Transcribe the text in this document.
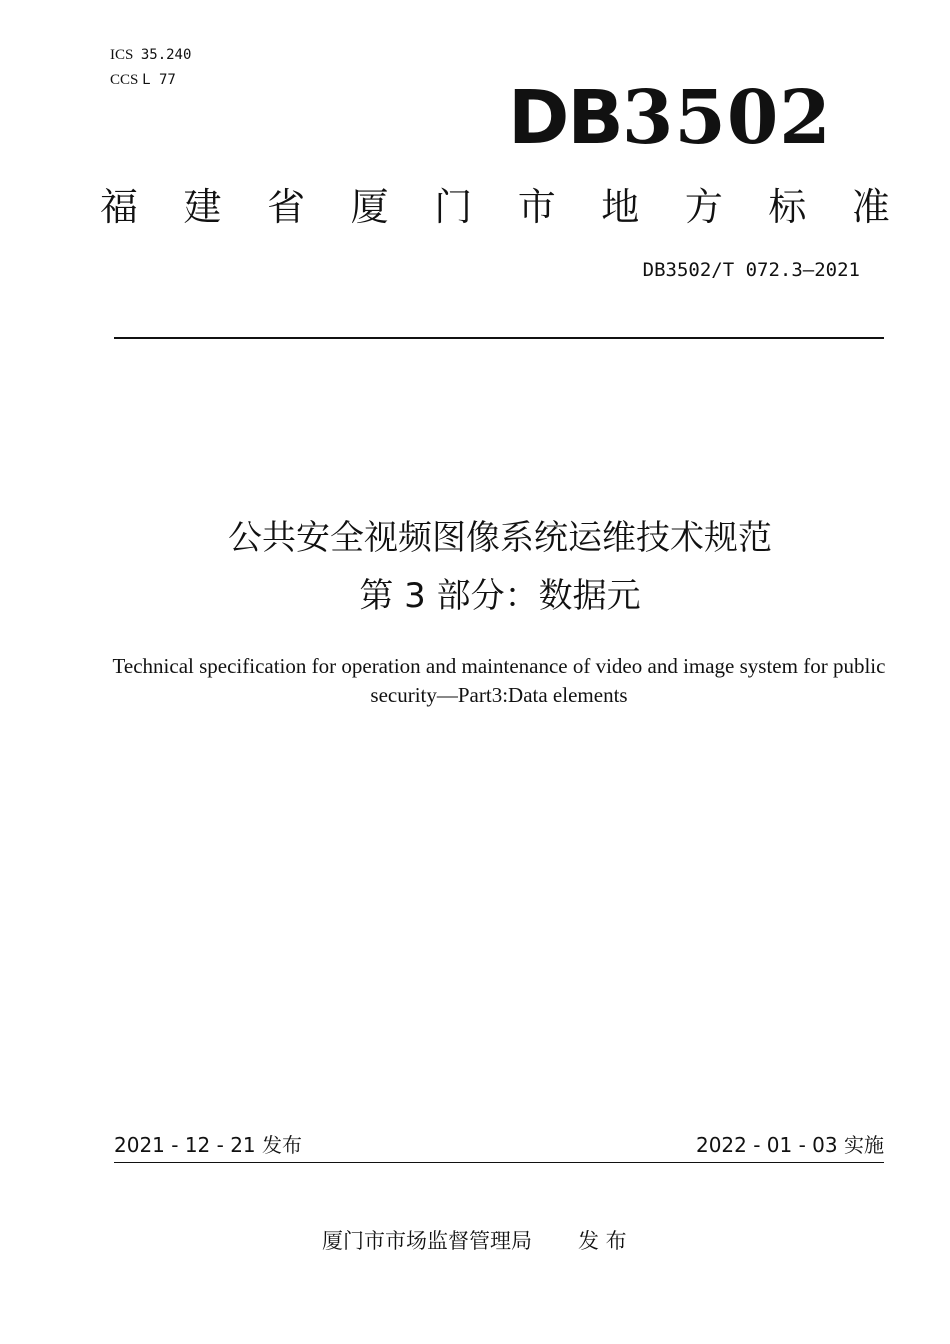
ICS 35.240
CCS L 77	DB3502
福 建 省 厦 门 市 地 方 标 准
DB3502/T 072.3—2021
公共安全视频图像系统运维技术规范
第 3 部分：数据元
Technical specification for operation and maintenance of video and image system for public security—Part3:Data elements
2021 - 12 - 21 发布	2022 - 01 - 03 实施
厦门市市场监督管理局 发 布
